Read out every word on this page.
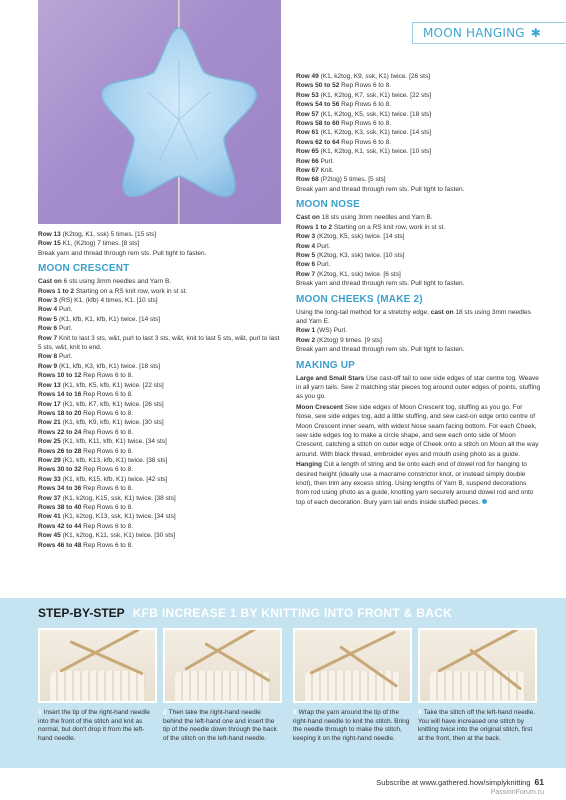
MOON HANGING ✱
Row 13 (K2tog, K1, ssk) 5 times. [15 sts]
Row 15 K1, (K2tog) 7 times. [8 sts]
Break yarn and thread through rem sts. Pull tight to fasten.
MOON CRESCENT
Cast on 6 sts using 3mm needles and Yarn B.
Rows 1 to 2 Starting on a RS knit row, work in st st.
Row 3 (RS) K1, (kfb) 4 times, K1. [10 sts]
Row 4 Purl.
Row 5 (K1, kfb, K1, kfb, K1) twice. [14 sts]
Row 6 Purl.
Row 7 Knit to last 3 sts, w&t, purl to last 3 sts, w&t, knit to last 5 sts, w&t, purl to last 5 sts, w&t, knit to end.
Row 8 Purl.
Row 9 (K1, kfb, K3, kfb, K1) twice. [18 sts]
Rows 10 to 12 Rep Rows 6 to 8.
Row 13 (K1, kfb, K5, kfb, K1) twice. [22 sts]
Rows 14 to 16 Rep Rows 6 to 8.
Row 17 (K1, kfb, K7, kfb, K1) twice. [26 sts]
Rows 18 to 20 Rep Rows 6 to 8.
Row 21 (K1, kfb, K9, kfb, K1) twice. [30 sts]
Rows 22 to 24 Rep Rows 6 to 8.
Row 25 (K1, kfb, K11, kfb, K1) twice. [34 sts]
Rows 26 to 28 Rep Rows 6 to 8.
Row 29 (K1, kfb, K13, kfb, K1) twice. [38 sts]
Rows 30 to 32 Rep Rows 6 to 8.
Row 33 (K1, kfb, K15, kfb, K1) twice. [42 sts]
Rows 34 to 36 Rep Rows 6 to 8.
Row 37 (K1, k2tog, K15, ssk, K1) twice. [38 sts]
Rows 38 to 40 Rep Rows 6 to 8.
Row 41 (K1, k2tog, K13, ssk, K1) twice. [34 sts]
Rows 42 to 44 Rep Rows 6 to 8.
Row 45 (K1, k2tog, K11, ssk, K1) twice. [30 sts]
Rows 46 to 48 Rep Rows 6 to 8.
Row 49 (K1, k2tog, K9, ssk, K1) twice. [26 sts]
Rows 50 to 52 Rep Rows 6 to 8.
Row 53 (K1, K2tog, K7, ssk, K1) twice. [22 sts]
Rows 54 to 56 Rep Rows 6 to 8.
Row 57 (K1, K2tog, K5, ssk, K1) twice. [18 sts]
Rows 58 to 60 Rep Rows 6 to 8.
Row 61 (K1, K2tog, K3, ssk, K1) twice. [14 sts]
Rows 62 to 64 Rep Rows 6 to 8.
Row 65 (K1, K2tog, K1, ssk, K1) twice. [10 sts]
Row 66 Purl.
Row 67 Knit.
Row 68 (P2tog) 5 times. [5 sts]
Break yarn and thread through rem sts. Pull tight to fasten.
MOON NOSE
Cast on 18 sts using 3mm needles and Yarn B.
Rows 1 to 2 Starting on a RS knit row, work in st st.
Row 3 (K2tog, K5, ssk) twice. [14 sts]
Row 4 Purl.
Row 5 (K2tog, K3, ssk) twice. [10 sts]
Row 6 Purl.
Row 7 (K2tog, K1, ssk) twice. [6 sts]
Break yarn and thread through rem sts. Pull tight to fasten.
MOON CHEEKS (MAKE 2)
Using the long-tail method for a stretchy edge, cast on 18 sts using 3mm needles and Yarn E.
Row 1 (WS) Purl.
Row 2 (K2tog) 9 times. [9 sts]
Break yarn and thread through rem sts. Pull tight to fasten.
MAKING UP
Large and Small Stars Use cast-off tail to sew side edges of star centre tog. Weave in all yarn tails. Sew 2 matching star pieces tog around outer edges of points, stuffing as you go.
Moon Crescent Sew side edges of Moon Crescent tog, stuffing as you go. For Nose, sew side edges tog, add a little stuffing, and sew cast-on edge onto centre of Moon Crescent inner seam, with widest Nose seam facing bottom. For each Cheek, sew side edges tog to make a circle shape, and sew each onto side of Moon Crescent, catching a stitch on outer edge of Cheek onto a stitch on Moon all the way around. With black thread, embroider eyes and mouth using photo as a guide.
Hanging Cut a length of string and tie onto each end of dowel rod for hanging to desired height (ideally use a macrame constrictor knot, or instead simply double knot), then trim any excess string. Using lengths of Yarn B, suspend decorations from rod using photo as a guide, knotting yarn securely around dowel rod and onto top of each decoration. Bury yarn tail ends inside stuffed pieces.
STEP-BY-STEP KFB INCREASE 1 BY KNITTING INTO FRONT & BACK
1 Insert the tip of the right-hand needle into the front of the stitch and knit as normal, but don't drop it from the left-hand needle.
2 Then take the right-hand needle behind the left-hand one and insert the tip of the needle down through the back of the stitch on the left-hand needle.
3 Wrap the yarn around the tip of the right-hand needle to knit the stitch. Bring the needle through to make the stitch, keeping it on the right-hand needle.
4 Take the stitch off the left-hand needle. You will have increased one stitch by knitting twice into the original stitch, first at the front, then at the back.
Subscribe at www.gathered.how/simplyknitting 61
PassionForum.ru
